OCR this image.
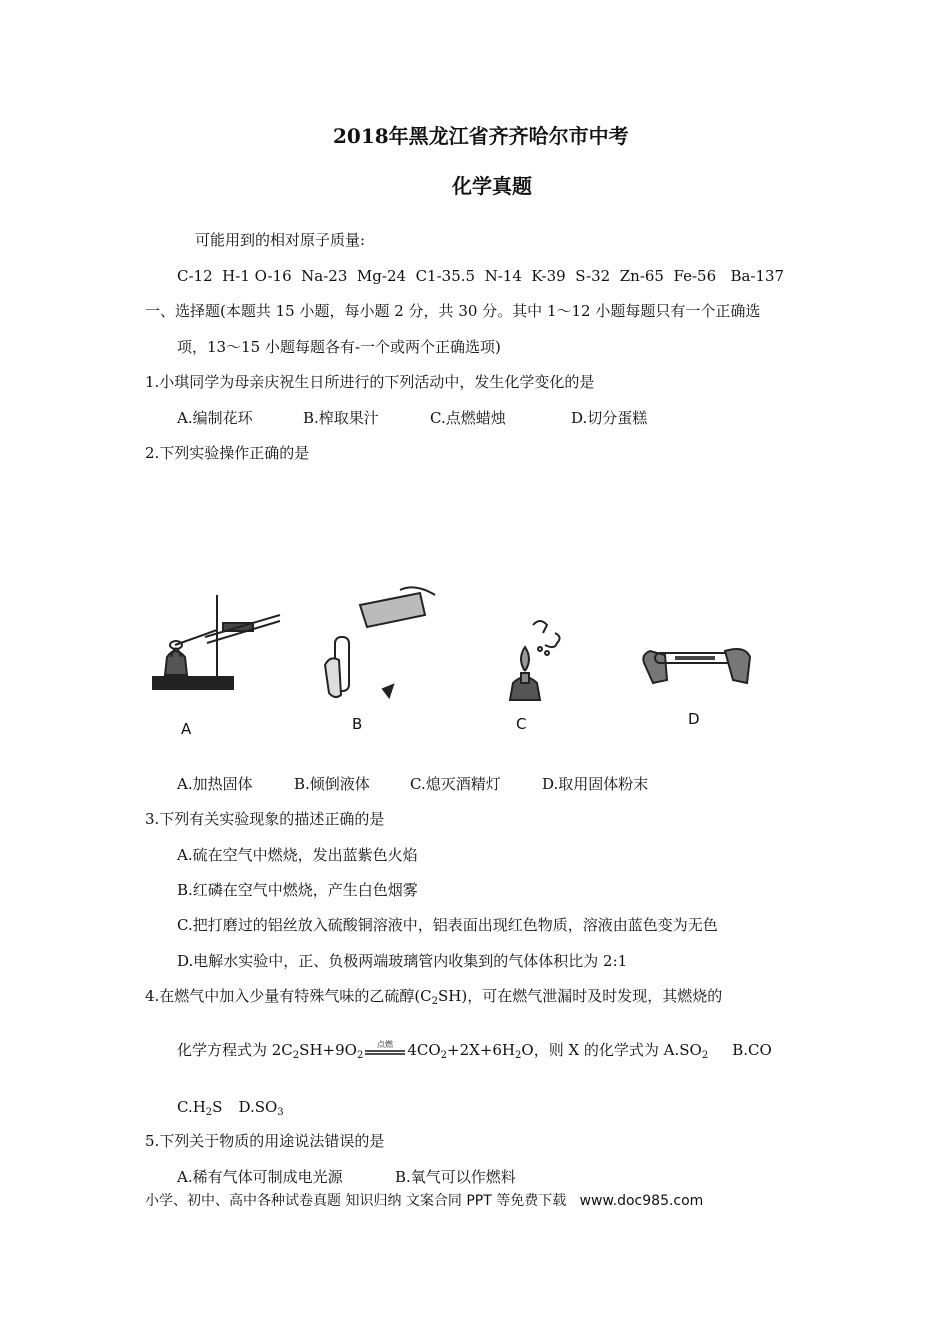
2018年黑龙江省齐齐哈尔市中考
化学真题
可能用到的相对原子质量:
C-12  H-1 O-16  Na-23  Mg-24  C1-35.5  N-14  K-39  S-32  Zn-65  Fe-56   Ba-137
一、选择题(本题共 15 小题，每小题 2 分，共 30 分。其中 1～12 小题每题只有一个正确选
项，13～15 小题每题各有-一个或两个正确选项)
1.小琪同学为母亲庆祝生日所进行的下列活动中，发生化学变化的是
A.编制花环	B.榨取果汁	C.点燃蜡烛	D.切分蛋糕
2.下列实验操作正确的是
A	B	C	D
A.加热固体	B.倾倒液体	C.熄灭酒精灯	D.取用固体粉末
3.下列有关实验现象的描述正确的是
A.硫在空气中燃烧，发出蓝紫色火焰
B.红磷在空气中燃烧，产生白色烟雾
C.把打磨过的铝丝放入硫酸铜溶液中，铝表面出现红色物质，溶液由蓝色变为无色
D.电解水实验中，正、负极两端玻璃管内收集到的气体体积比为 2:1
4.在燃气中加入少量有特殊气味的乙硫醇$(C_2SH)$，可在燃气泄漏时及时发现，其燃烧的
化学方程式为 $2C_2SH+9O_2$
点燃 $4CO_2+2X+6H_2O$，则 X 的化学式为 $A.SO_2$ B.CO
$C.H_2S$ $D.SO_3$
5.下列关于物质的用途说法错误的是
A.稀有气体可制成电光源	B.氧气可以作燃料
小学、初中、高中各种试卷真题 知识归纳 文案合同 PPT 等免费下载   www.doc985.com
